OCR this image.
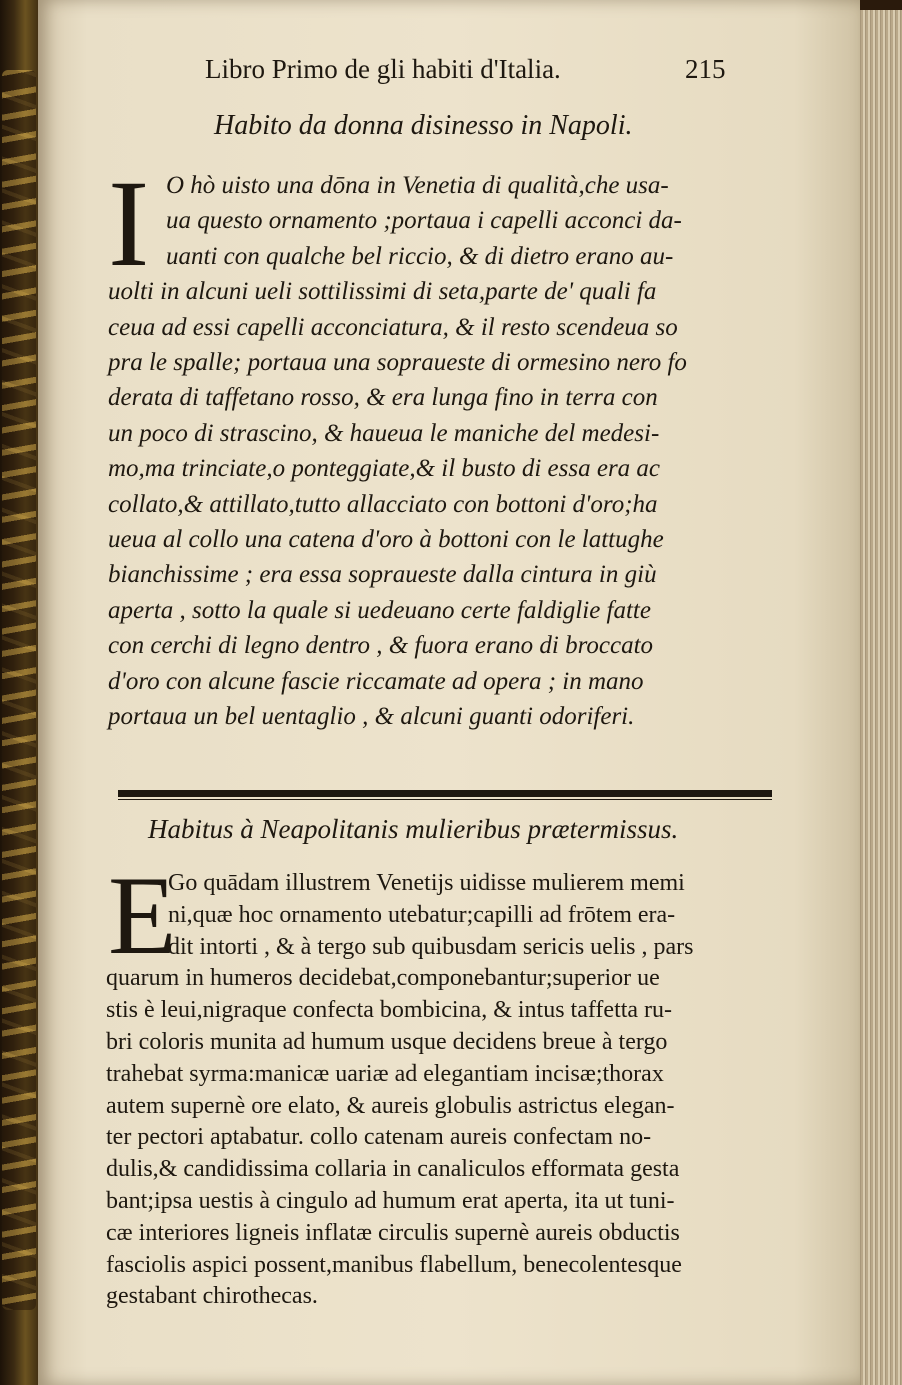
Libro Primo de gli habiti d'Italia.	215
Habito da donna disinesso in Napoli.
I O hò uisto una dōna in Venetia di qualità,che usa-
ua questo ornamento ;portaua i capelli acconci da-
uanti con qualche bel riccio, & di dietro erano au-
uolti in alcuni ueli sottilissimi di seta,parte de' quali fa
ceua ad essi capelli acconciatura, & il resto scendeua so
pra le spalle; portaua una sopraueste di ormesino nero fo
derata di taffetano rosso, & era lunga fino in terra con
un poco di strascino, & haueua le maniche del medesi-
mo,ma trinciate,o ponteggiate,& il busto di essa era ac
collato,& attillato,tutto allacciato con bottoni d'oro;ha
ueua al collo una catena d'oro à bottoni con le lattughe
bianchissime ; era essa sopraueste dalla cintura in giù
aperta , sotto la quale si uedeuano certe faldiglie fatte
con cerchi di legno dentro , & fuora erano di broccato
d'oro con alcune fascie riccamate ad opera ; in mano
portaua un bel uentaglio , & alcuni guanti odoriferi.
Habitus à Neapolitanis mulieribus prætermissus.
E
Go quādam illustrem Venetijs uidisse mulierem memi
ni,quæ hoc ornamento utebatur;capilli ad frōtem era-
dit intorti , & à tergo sub quibusdam sericis uelis , pars
quarum in humeros decidebat,componebantur;superior ue
stis è leui,nigraque confecta bombicina, & intus taffetta ru-
bri coloris munita ad humum usque decidens breue à tergo
trahebat syrma:manicæ uariæ ad elegantiam incisæ;thorax
autem supernè ore elato, & aureis globulis astrictus elegan-
ter pectori aptabatur. collo catenam aureis confectam no-
dulis,& candidissima collaria in canaliculos efformata gesta
bant;ipsa uestis à cingulo ad humum erat aperta, ita ut tuni-
cæ interiores ligneis inflatæ circulis supernè aureis obductis
fasciolis aspici possent,manibus flabellum, benecolentesque
gestabant chirothecas.
